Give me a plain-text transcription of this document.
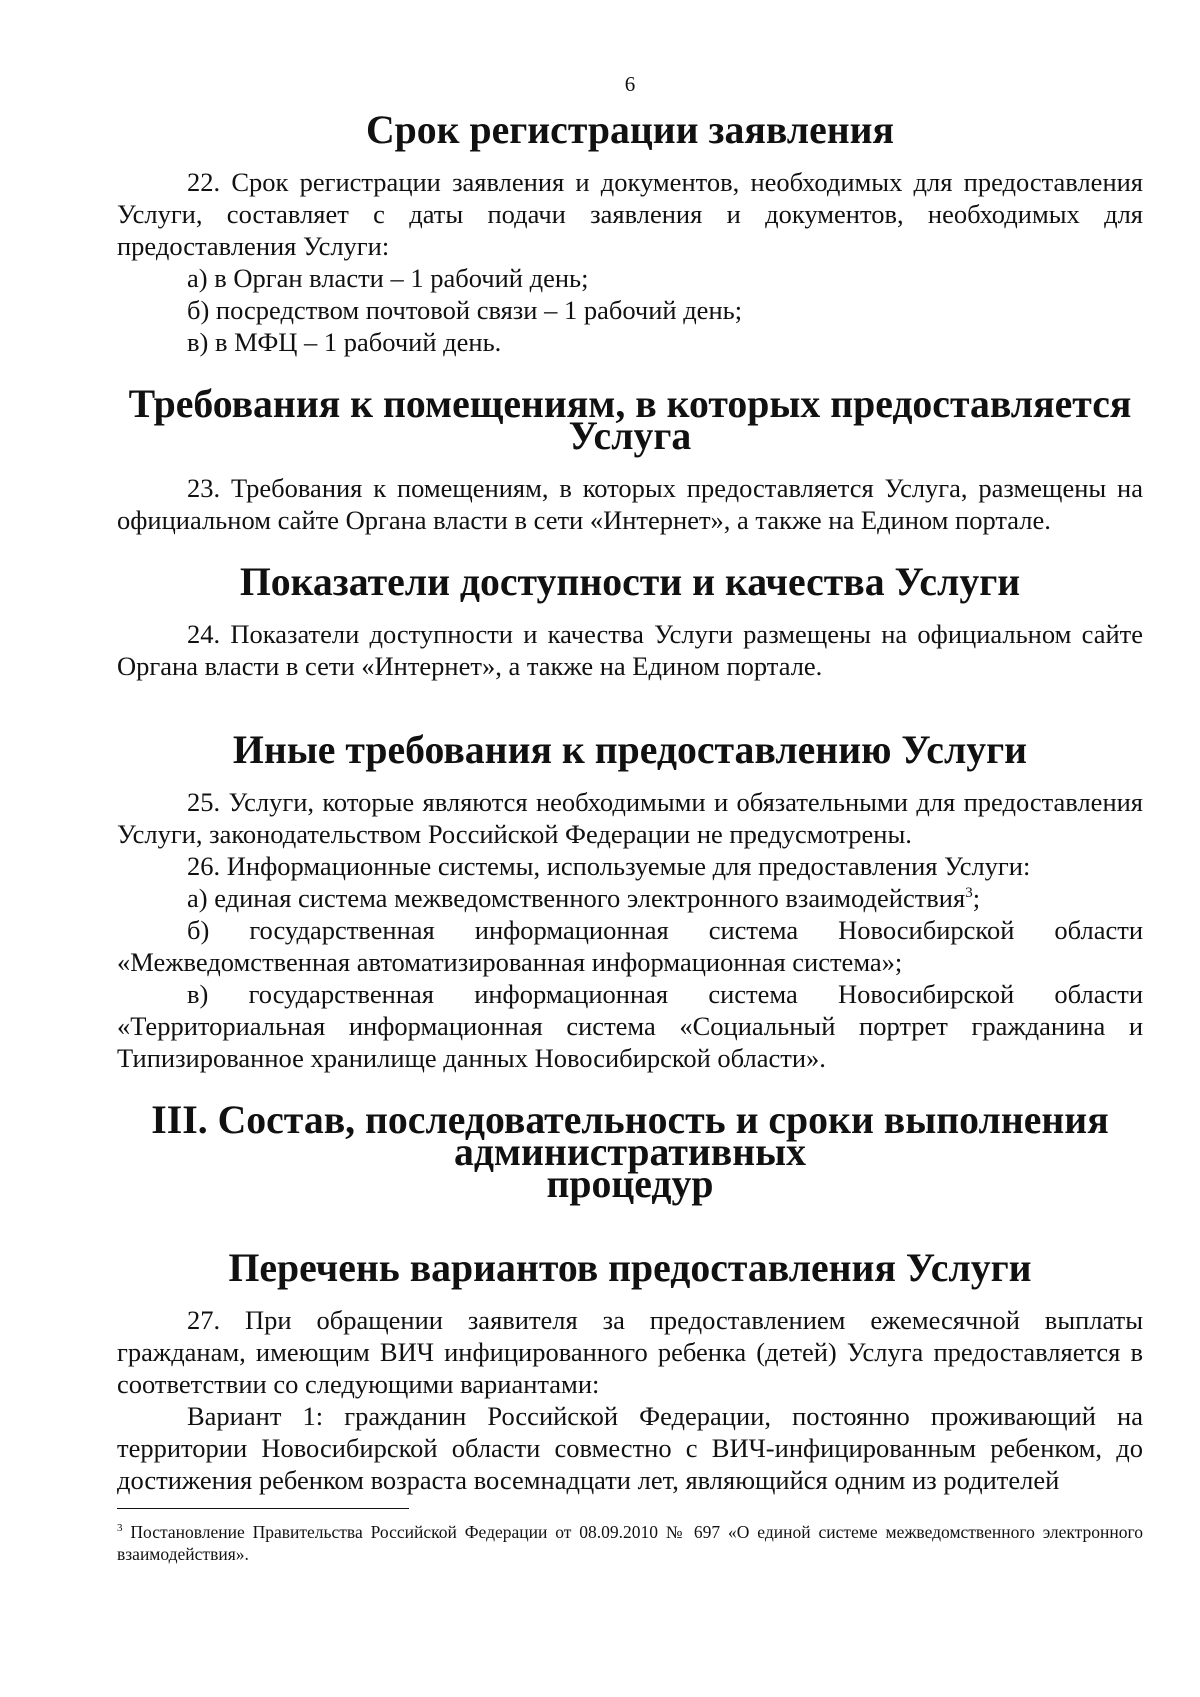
6
Срок регистрации заявления

22. Срок регистрации заявления и документов, необходимых для предоставления Услуги, составляет с даты подачи заявления и документов, необходимых для предоставления Услуги:

а) в Орган власти – 1 рабочий день;

б) посредством почтовой связи – 1 рабочий день;

в) в МФЦ – 1 рабочий день.

Требования к помещениям, в которых предоставляется Услуга

23. Требования к помещениям, в которых предоставляется Услуга, размещены на официальном сайте Органа власти в сети «Интернет», а также на Едином портале.

Показатели доступности и качества Услуги

24. Показатели доступности и качества Услуги размещены на официальном сайте Органа власти в сети «Интернет», а также на Едином портале.

Иные требования к предоставлению Услуги

25. Услуги, которые являются необходимыми и обязательными для предоставления Услуги, законодательством Российской Федерации не предусмотрены.

26. Информационные системы, используемые для предоставления Услуги:

а) единая система межведомственного электронного взаимодействия$^3$;

б) государственная информационная система Новосибирской области «Межведомственная автоматизированная информационная система»;

в) государственная информационная система Новосибирской области «Территориальная информационная система «Социальный портрет гражданина и Типизированное хранилище данных Новосибирской области».

III. Состав, последовательность и сроки выполнения административных
процедур
Перечень вариантов предоставления Услуги

27. При обращении заявителя за предоставлением ежемесячной выплаты гражданам, имеющим ВИЧ инфицированного ребенка (детей) Услуга предоставляется в соответствии со следующими вариантами:

Вариант 1: гражданин Российской Федерации, постоянно проживающий на территории Новосибирской области совместно с ВИЧ-инфицированным ребенком, до достижения ребенком возраста восемнадцати лет, являющийся одним из родителей

$^3$ Постановление Правительства Российской Федерации от 08.09.2010 № 697 «О единой системе межведомственного электронного взаимодействия».
